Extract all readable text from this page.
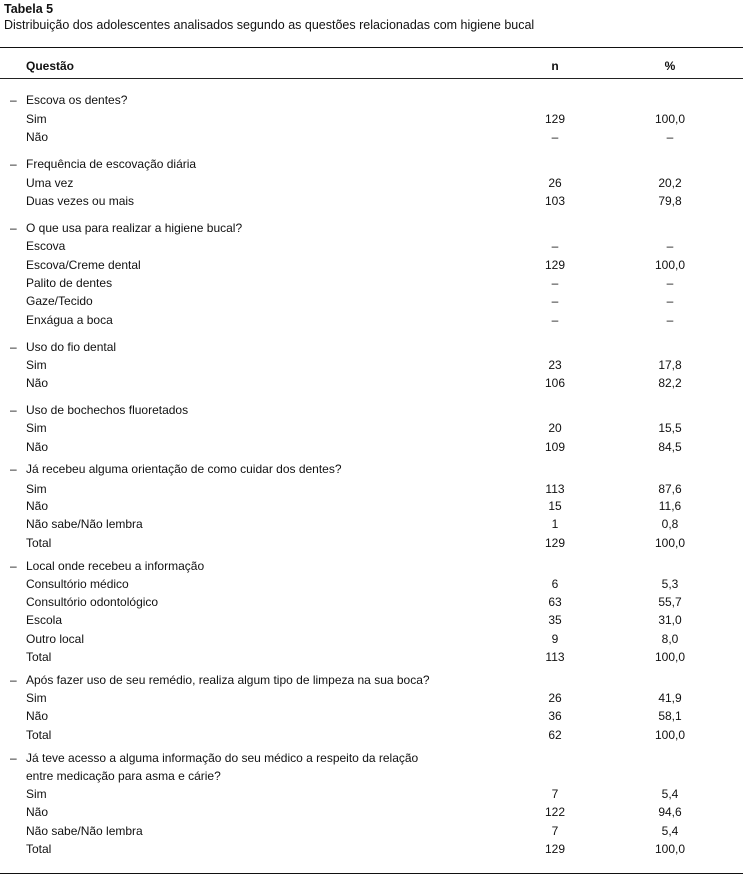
Tabela 5
Distribuição dos adolescentes analisados segundo as questões relacionadas com higiene bucal
Questão	n	%
– Escova os dentes?
Sim	129	100,0
Não	–	–
– Frequência de escovação diária
Uma vez	26	20,2
Duas vezes ou mais	103	79,8
– O que usa para realizar a higiene bucal?
Escova	–	–
Escova/Creme dental	129	100,0
Palito de dentes	–	–
Gaze/Tecido	–	–
Enxágua a boca	–	–
– Uso do fio dental
Sim	23	17,8
Não	106	82,2
– Uso de bochechos fluoretados
Sim	20	15,5
Não	109	84,5
– Já recebeu alguma orientação de como cuidar dos dentes?
Sim	113	87,6
Não	15	11,6
Não sabe/Não lembra	1	0,8
Total	129	100,0
– Local onde recebeu a informação
Consultório médico	6	5,3
Consultório odontológico	63	55,7
Escola	35	31,0
Outro local	9	8,0
Total	113	100,0
– Após fazer uso de seu remédio, realiza algum tipo de limpeza na sua boca?
Sim	26	41,9
Não	36	58,1
Total	62	100,0
– Já teve acesso a alguma informação do seu médico a respeito da relação
entre medicação para asma e cárie?
Sim	7	5,4
Não	122	94,6
Não sabe/Não lembra	7	5,4
Total	129	100,0
